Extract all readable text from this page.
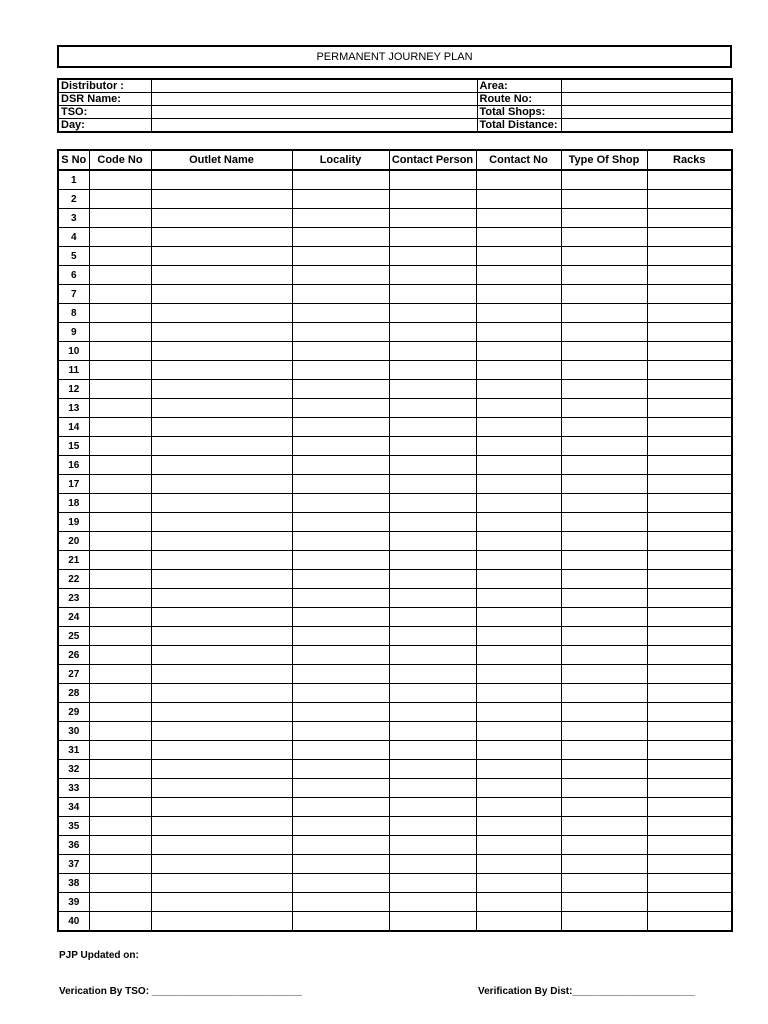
PERMANENT JOURNEY PLAN
Distributor :		Area:	
DSR Name:		Route No:	
TSO:		Total Shops:	
Day:		Total Distance:	
S No	Code No	Outlet Name	Locality	Contact Person	Contact No	Type Of Shop	Racks
1							
2							
3							
4							
5							
6							
7							
8							
9							
10							
11							
12							
13							
14							
15							
16							
17							
18							
19							
20							
21							
22							
23							
24							
25							
26							
27							
28							
29							
30							
31							
32							
33							
34							
35							
36							
37							
38							
39							
40							
PJP Updated on:
Verication By TSO: ___________________________	Verification By Dist:______________________
